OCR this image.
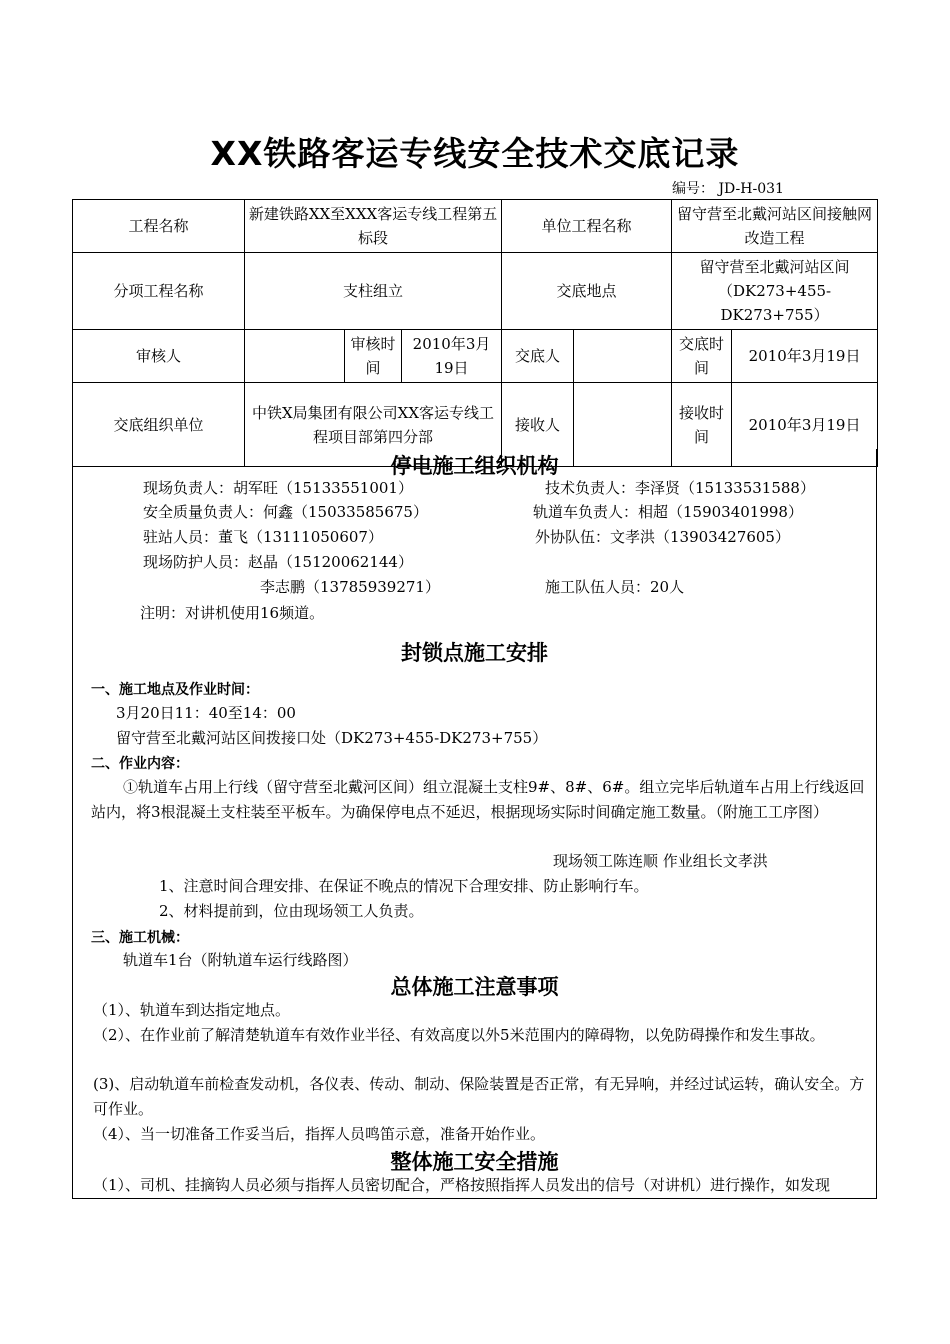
XX铁路客运专线安全技术交底记录
编号： JD-H-031
工程名称	新建铁路XX至XXX客运专线工程第五标段			单位工程名称		留守营至北戴河站区间接触网改造工程	
分项工程名称	支柱组立			交底地点		留守营至北戴河站区间（DK273+455-DK273+755）	
审核人		审核时间	2010年3月19日	交底人		交底时间	2010年3月19日
交底组织单位	中铁X局集团有限公司XX客运专线工程项目部第四分部			接收人		接收时间	2010年3月19日
停电施工组织机构
现场负责人：胡军旺（15133551001）	技术负责人：李泽贤（15133531588）
安全质量负责人：何鑫（15033585675）	轨道车负责人：相超（15903401998）
驻站人员：董飞（13111050607）	外协队伍：文孝洪（13903427605）
现场防护人员：赵晶（15120062144）
李志鹏（13785939271）	施工队伍人员：20人
注明：对讲机使用16频道。
封锁点施工安排
一、施工地点及作业时间：
3月20日11：40至14：00
留守营至北戴河站区间拨接口处（DK273+455-DK273+755）
二、作业内容：
①轨道车占用上行线（留守营至北戴河区间）组立混凝土支柱9#、8#、6#。组立完毕后轨道车占用上行线返回站内，将3根混凝土支柱装至平板车。为确保停电点不延迟，根据现场实际时间确定施工数量。（附施工工序图）
现场领工陈连顺 作业组长文孝洪
1、注意时间合理安排、在保证不晚点的情况下合理安排、防止影响行车。
2、材料提前到，位由现场领工人负责。
三、施工机械：
轨道车1台（附轨道车运行线路图）
总体施工注意事项
（1）、轨道车到达指定地点。
（2）、在作业前了解清楚轨道车有效作业半径、有效高度以外5米范围内的障碍物，以免防碍操作和发生事故。
(3)、启动轨道车前检查发动机，各仪表、传动、制动、保险装置是否正常，有无异响，并经过试运转，确认安全。方可作业。
（4）、当一切准备工作妥当后，指挥人员鸣笛示意，准备开始作业。
整体施工安全措施
（1）、司机、挂摘钩人员必须与指挥人员密切配合，严格按照指挥人员发出的信号（对讲机）进行操作，如发现
